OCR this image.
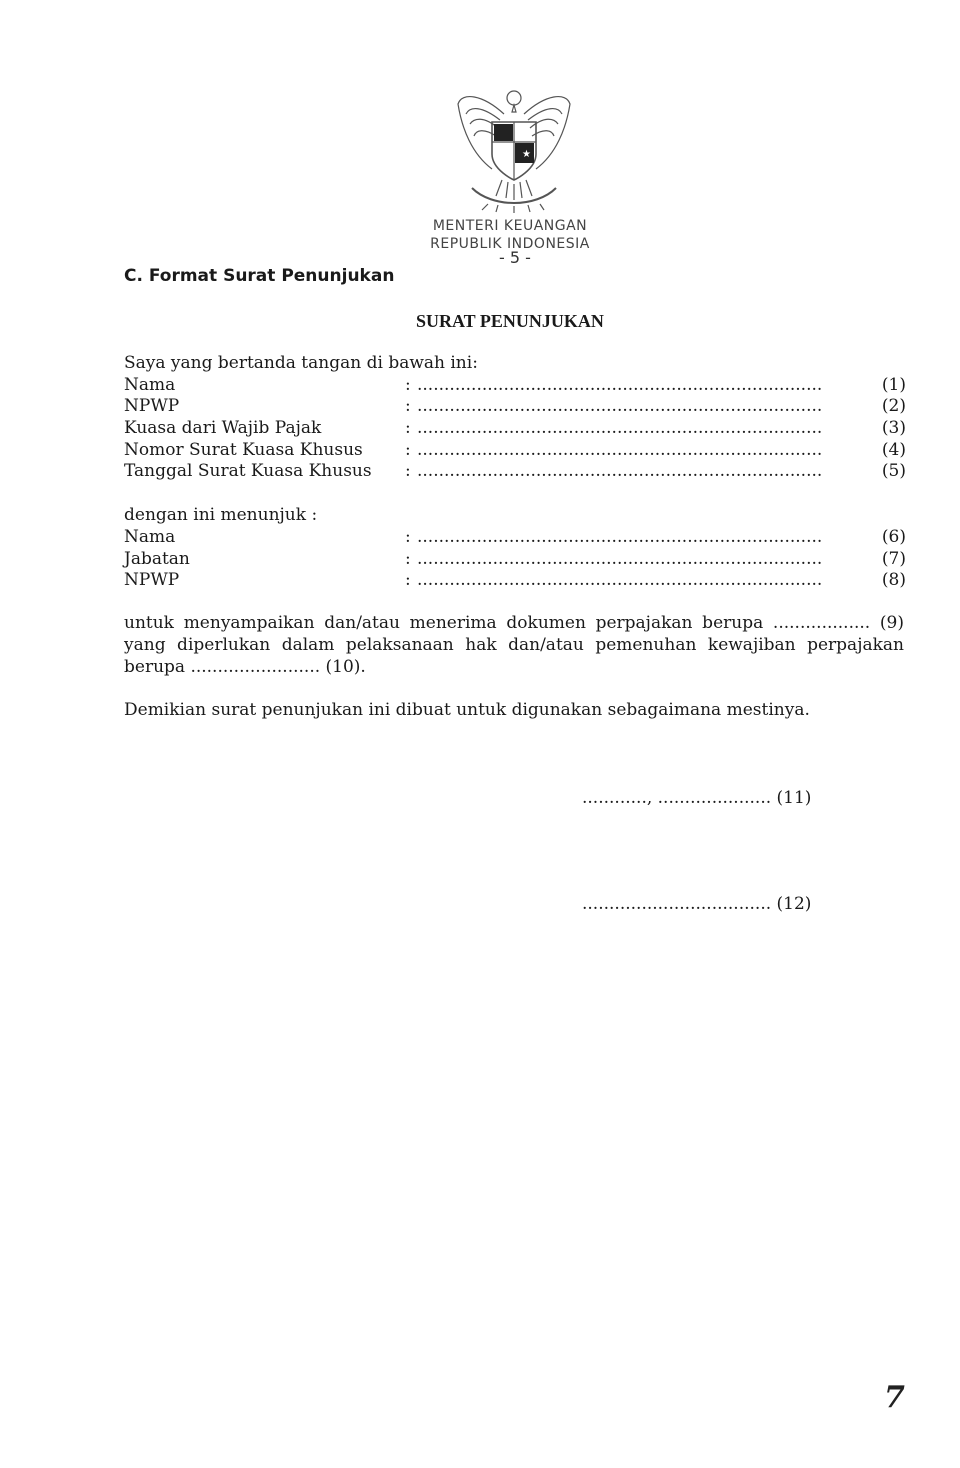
★
MENTERI KEUANGAN
REPUBLIK INDONESIA
- 5 -
C. Format Surat Penunjukan
SURAT PENUNJUKAN
Saya yang bertanda tangan di bawah ini:
Nama	: ...........................................................................	(1)
NPWP	: ...........................................................................	(2)
Kuasa dari Wajib Pajak	: ...........................................................................	(3)
Nomor Surat Kuasa Khusus : ...........................................................................	(4)
Tanggal Surat Kuasa Khusus : ...........................................................................	(5)
dengan ini menunjuk :
Nama	: ...........................................................................	(6)
Jabatan	: ...........................................................................	(7)
NPWP	: ...........................................................................	(8)
untuk menyampaikan dan/atau menerima dokumen perpajakan berupa .................. (9) yang diperlukan dalam pelaksanaan hak dan/atau pemenuhan kewajiban perpajakan berupa ........................ (10).
Demikian surat penunjukan ini dibuat untuk digunakan sebagaimana mestinya.
............, ..................... (11)
................................... (12)
7
